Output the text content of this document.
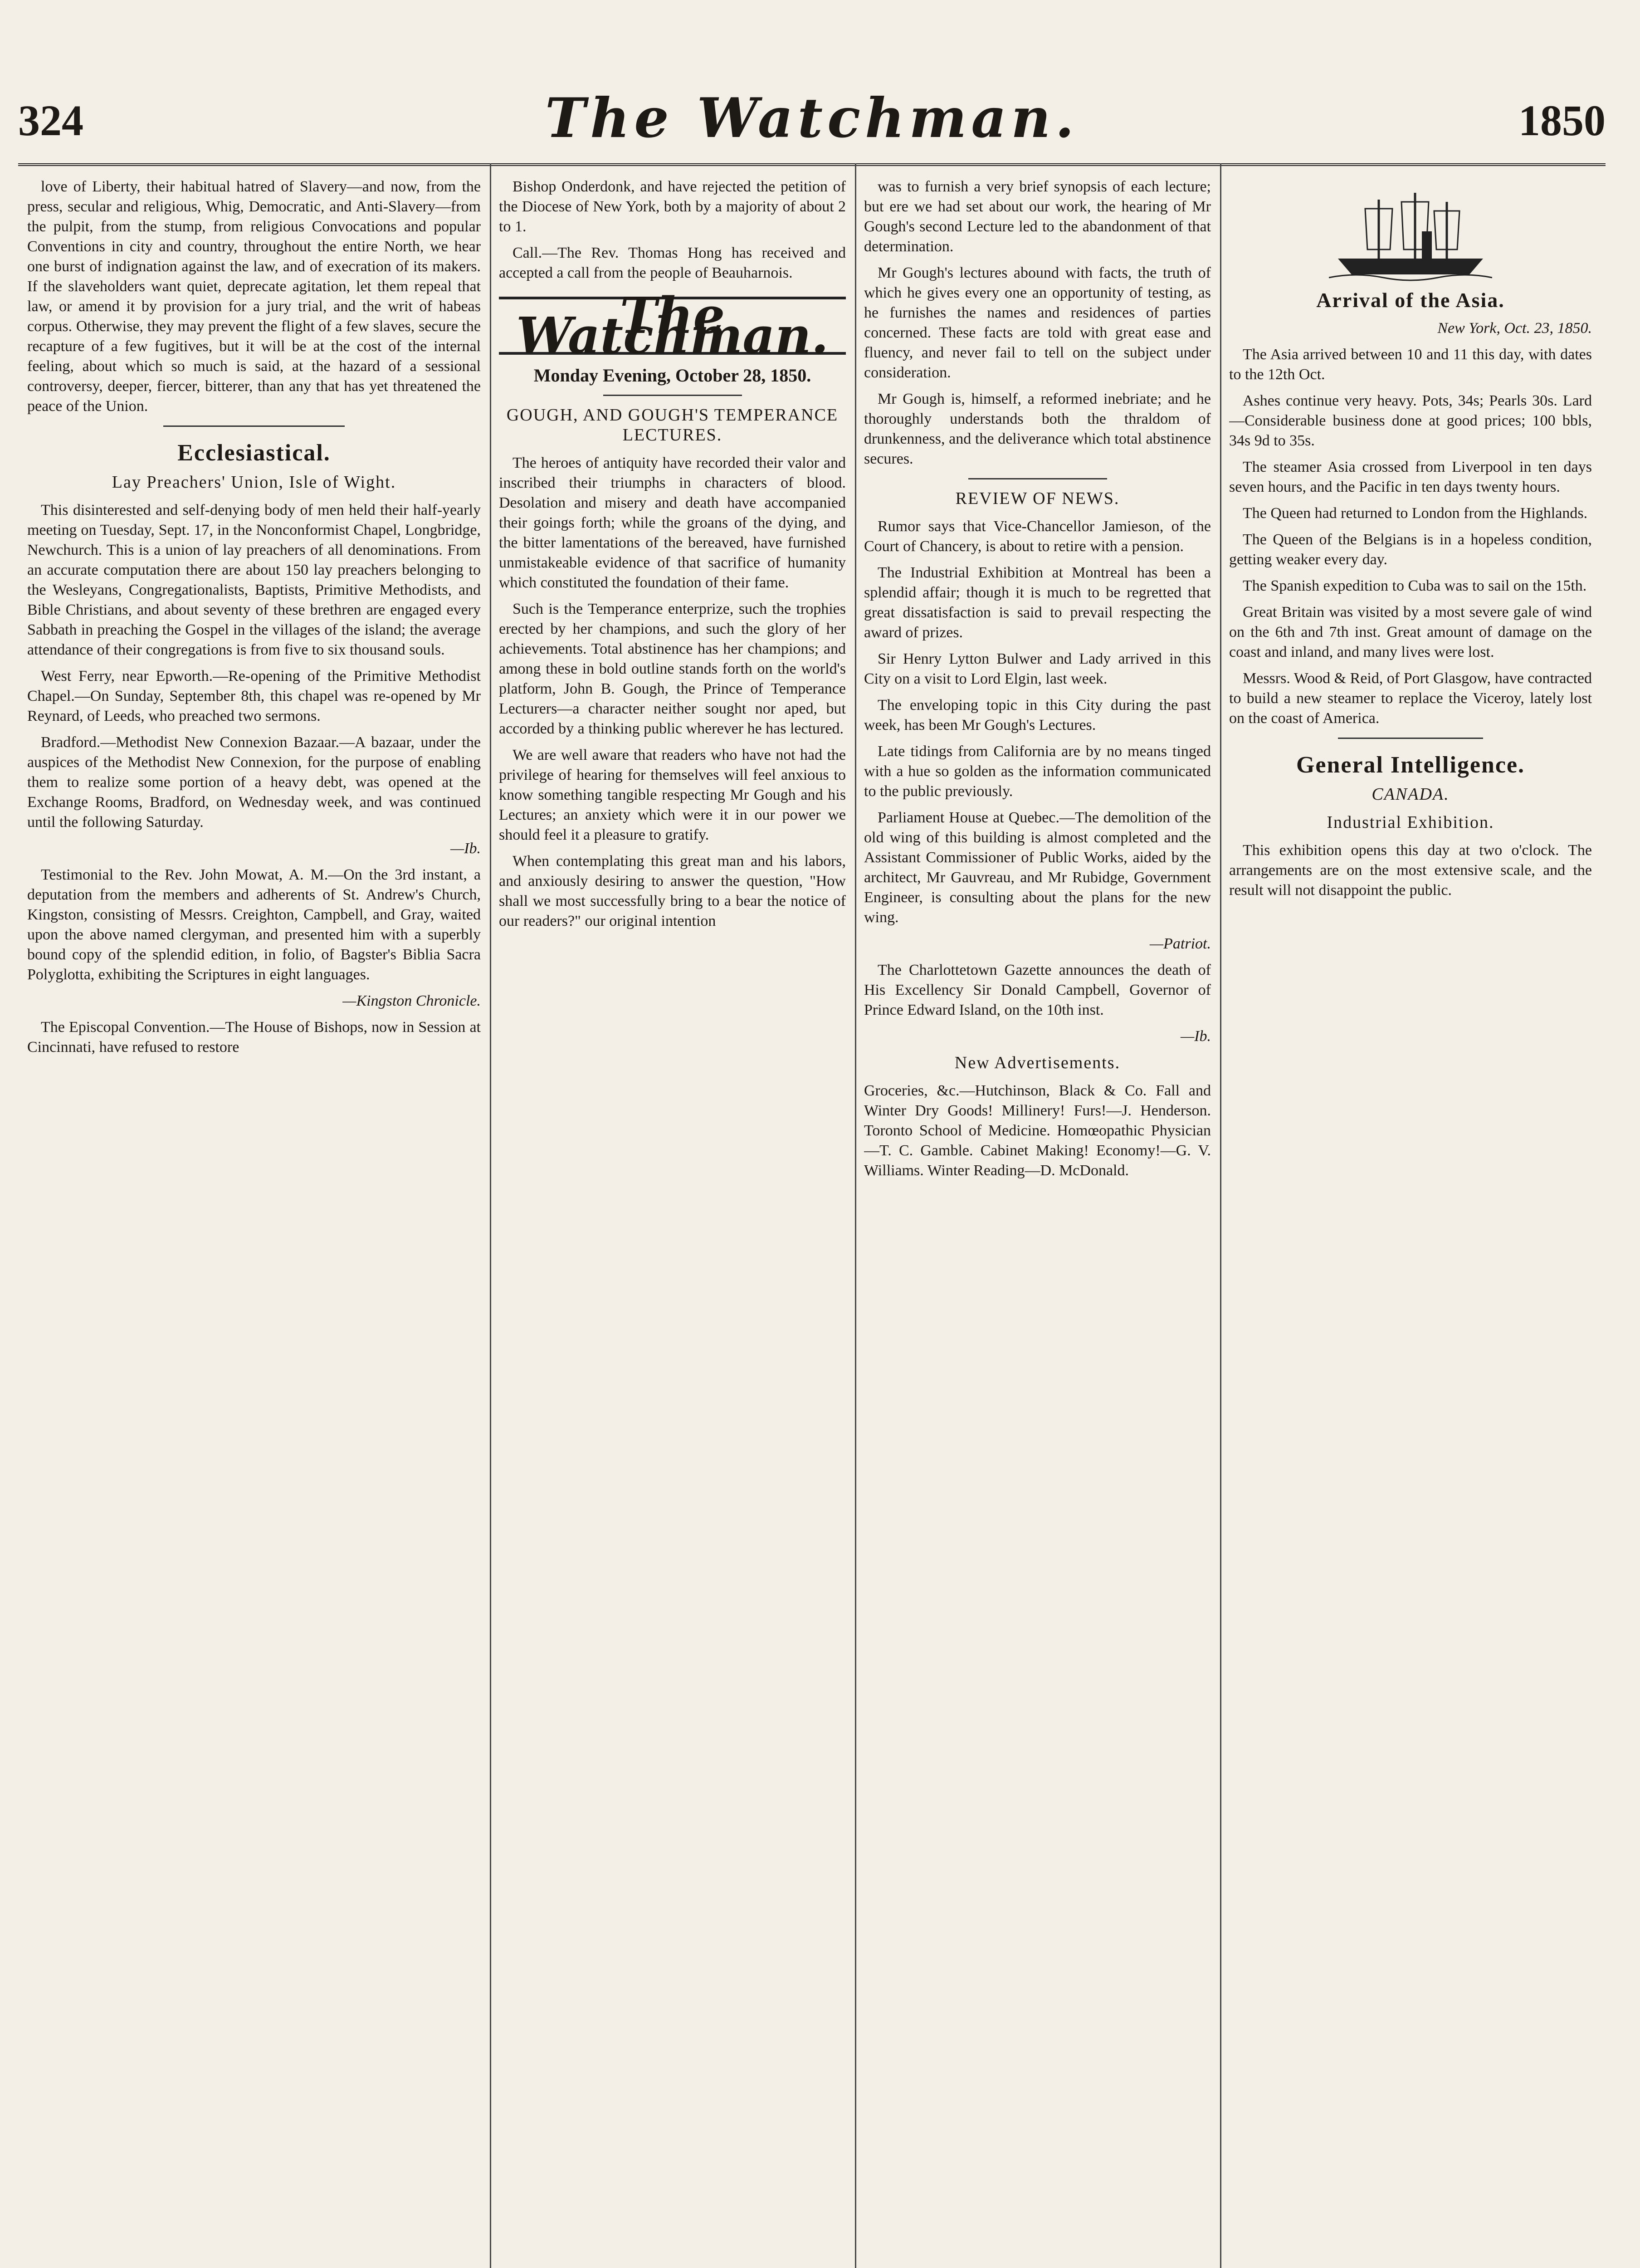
324	The Watchman.	1850

love of Liberty, their habitual hatred of Slavery—and now, from the press, secular and religious, Whig, Democratic, and Anti-Slavery—from the pulpit, from the stump, from religious Convocations and popular Conventions in city and country, throughout the entire North, we hear one burst of indignation against the law, and of execration of its makers. If the slaveholders want quiet, deprecate agitation, let them repeal that law, or amend it by provision for a jury trial, and the writ of habeas corpus. Otherwise, they may prevent the flight of a few slaves, secure the recapture of a few fugitives, but it will be at the cost of the internal feeling, about which so much is said, at the hazard of a sessional controversy, deeper, fiercer, bitterer, than any that has yet threatened the peace of the Union.

Ecclesiastical.
Lay Preachers' Union, Isle of Wight.

This disinterested and self-denying body of men held their half-yearly meeting on Tuesday, Sept. 17, in the Nonconformist Chapel, Longbridge, Newchurch. This is a union of lay preachers of all denominations. From an accurate computation there are about 150 lay preachers belonging to the Wesleyans, Congregationalists, Baptists, Primitive Methodists, and Bible Christians, and about seventy of these brethren are engaged every Sabbath in preaching the Gospel in the villages of the island; the average attendance of their congregations is from five to six thousand souls.

West Ferry, near Epworth.—Re-opening of the Primitive Methodist Chapel.—On Sunday, September 8th, this chapel was re-opened by Mr Reynard, of Leeds, who preached two sermons.

Bradford.—Methodist New Connexion Bazaar.—A bazaar, under the auspices of the Methodist New Connexion, for the purpose of enabling them to realize some portion of a heavy debt, was opened at the Exchange Rooms, Bradford, on Wednesday week, and was continued until the following Saturday.

—Ib.

Testimonial to the Rev. John Mowat, A. M.—On the 3rd instant, a deputation from the members and adherents of St. Andrew's Church, Kingston, consisting of Messrs. Creighton, Campbell, and Gray, waited upon the above named clergyman, and presented him with a superbly bound copy of the splendid edition, in folio, of Bagster's Biblia Sacra Polyglotta, exhibiting the Scriptures in eight languages.

—Kingston Chronicle.

The Episcopal Convention.—The House of Bishops, now in Session at Cincinnati, have refused to restore

Bishop Onderdonk, and have rejected the petition of the Diocese of New York, both by a majority of about 2 to 1.

Call.—The Rev. Thomas Hong has received and accepted a call from the people of Beauharnois.

The Watchman.
Monday Evening, October 28, 1850.
GOUGH, AND GOUGH'S TEMPERANCE LECTURES.

The heroes of antiquity have recorded their valor and inscribed their triumphs in characters of blood. Desolation and misery and death have accompanied their goings forth; while the groans of the dying, and the bitter lamentations of the bereaved, have furnished unmistakeable evidence of that sacrifice of humanity which constituted the foundation of their fame.

Such is the Temperance enterprize, such the trophies erected by her champions, and such the glory of her achievements. Total abstinence has her champions; and among these in bold outline stands forth on the world's platform, John B. Gough, the Prince of Temperance Lecturers—a character neither sought nor aped, but accorded by a thinking public wherever he has lectured.

We are well aware that readers who have not had the privilege of hearing for themselves will feel anxious to know something tangible respecting Mr Gough and his Lectures; an anxiety which were it in our power we should feel it a pleasure to gratify.

When contemplating this great man and his labors, and anxiously desiring to answer the question, "How shall we most successfully bring to a bear the notice of our readers?" our original intention

was to furnish a very brief synopsis of each lecture; but ere we had set about our work, the hearing of Mr Gough's second Lecture led to the abandonment of that determination.

Mr Gough's lectures abound with facts, the truth of which he gives every one an opportunity of testing, as he furnishes the names and residences of parties concerned. These facts are told with great ease and fluency, and never fail to tell on the subject under consideration.

Mr Gough is, himself, a reformed inebriate; and he thoroughly understands both the thraldom of drunkenness, and the deliverance which total abstinence secures.

REVIEW OF NEWS.

Rumor says that Vice-Chancellor Jamieson, of the Court of Chancery, is about to retire with a pension.

The Industrial Exhibition at Montreal has been a splendid affair; though it is much to be regretted that great dissatisfaction is said to prevail respecting the award of prizes.

Sir Henry Lytton Bulwer and Lady arrived in this City on a visit to Lord Elgin, last week.

The enveloping topic in this City during the past week, has been Mr Gough's Lectures.

Late tidings from California are by no means tinged with a hue so golden as the information communicated to the public previously.

Parliament House at Quebec.—The demolition of the old wing of this building is almost completed and the Assistant Commissioner of Public Works, aided by the architect, Mr Gauvreau, and Mr Rubidge, Government Engineer, is consulting about the plans for the new wing.

—Patriot.

The Charlottetown Gazette announces the death of His Excellency Sir Donald Campbell, Governor of Prince Edward Island, on the 10th inst.

—Ib.

New Advertisements.

Groceries, &c.—Hutchinson, Black & Co. Fall and Winter Dry Goods! Millinery! Furs!—J. Henderson. Toronto School of Medicine. Homœopathic Physician—T. C. Gamble. Cabinet Making! Economy!—G. V. Williams. Winter Reading—D. McDonald.

Arrival of the Asia.

New York, Oct. 23, 1850.

The Asia arrived between 10 and 11 this day, with dates to the 12th Oct.

Ashes continue very heavy. Pots, 34s; Pearls 30s. Lard—Considerable business done at good prices; 100 bbls, 34s 9d to 35s.

The steamer Asia crossed from Liverpool in ten days seven hours, and the Pacific in ten days twenty hours.

The Queen had returned to London from the Highlands.

The Queen of the Belgians is in a hopeless condition, getting weaker every day.

The Spanish expedition to Cuba was to sail on the 15th.

Great Britain was visited by a most severe gale of wind on the 6th and 7th inst. Great amount of damage on the coast and inland, and many lives were lost.

Messrs. Wood & Reid, of Port Glasgow, have contracted to build a new steamer to replace the Viceroy, lately lost on the coast of America.

General Intelligence.
CANADA.
Industrial Exhibition.

This exhibition opens this day at two o'clock. The arrangements are on the most extensive scale, and the result will not disappoint the public.
